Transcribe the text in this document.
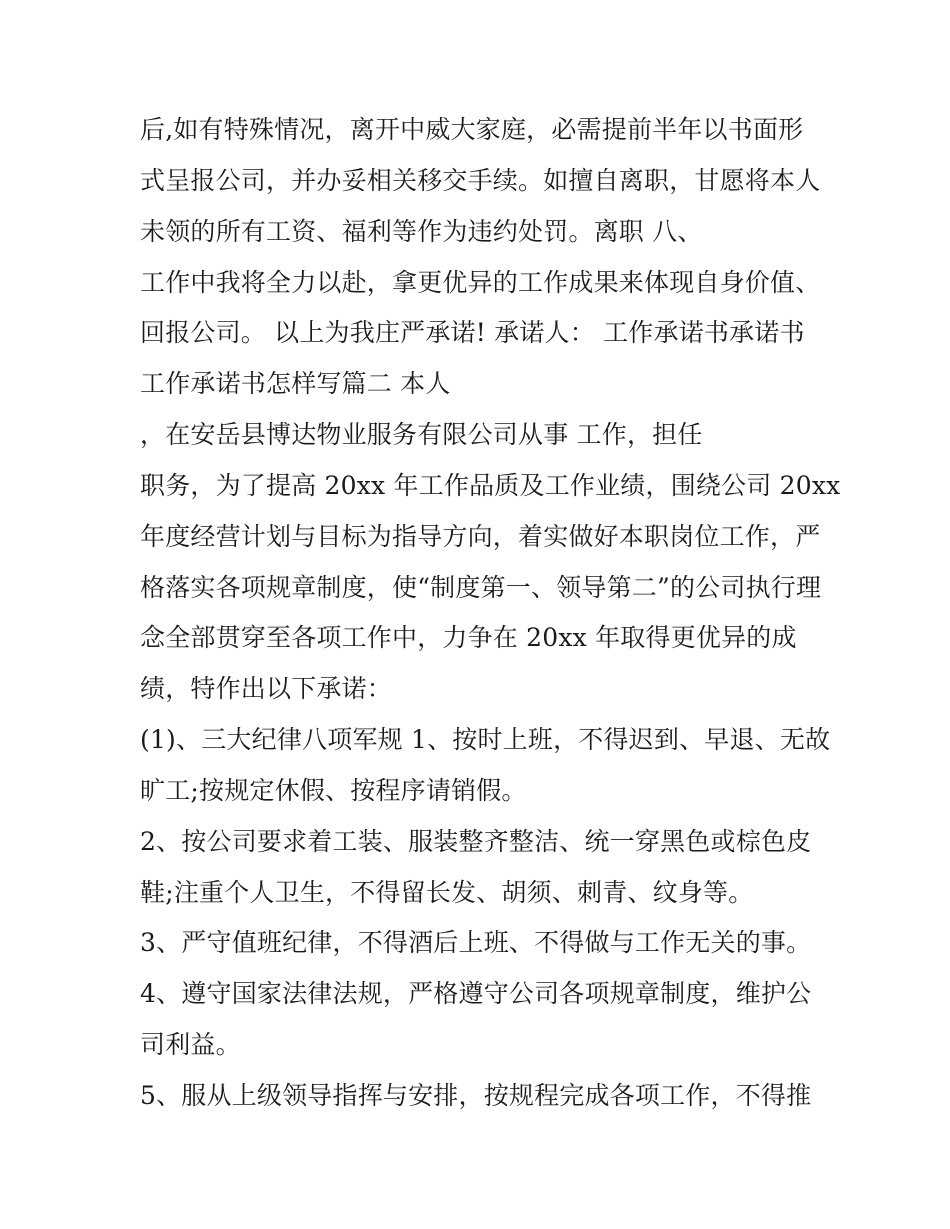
后,如有特殊情况，离开中威大家庭，必需提前半年以书面形
式呈报公司，并办妥相关移交手续。如擅自离职，甘愿将本人
未领的所有工资、福利等作为违约处罚。离职 八、
工作中我将全力以赴，拿更优异的工作成果来体现自身价值、
回报公司。 以上为我庄严承诺! 承诺人： 工作承诺书承诺书
工作承诺书怎样写篇二 本人
，在安岳县博达物业服务有限公司从事 工作，担任
职务，为了提高 20xx 年工作品质及工作业绩，围绕公司 20xx
年度经营计划与目标为指导方向，着实做好本职岗位工作，严
格落实各项规章制度，使“制度第一、领导第二”的公司执行理
念全部贯穿至各项工作中，力争在 20xx 年取得更优异的成
绩，特作出以下承诺：
(1)、三大纪律八项军规 1、按时上班，不得迟到、早退、无故
旷工;按规定休假、按程序请销假。
2、按公司要求着工装、服装整齐整洁、统一穿黑色或棕色皮
鞋;注重个人卫生，不得留长发、胡须、刺青、纹身等。
3、严守值班纪律，不得酒后上班、不得做与工作无关的事。
4、遵守国家法律法规，严格遵守公司各项规章制度，维护公
司利益。
5、服从上级领导指挥与安排，按规程完成各项工作，不得推
